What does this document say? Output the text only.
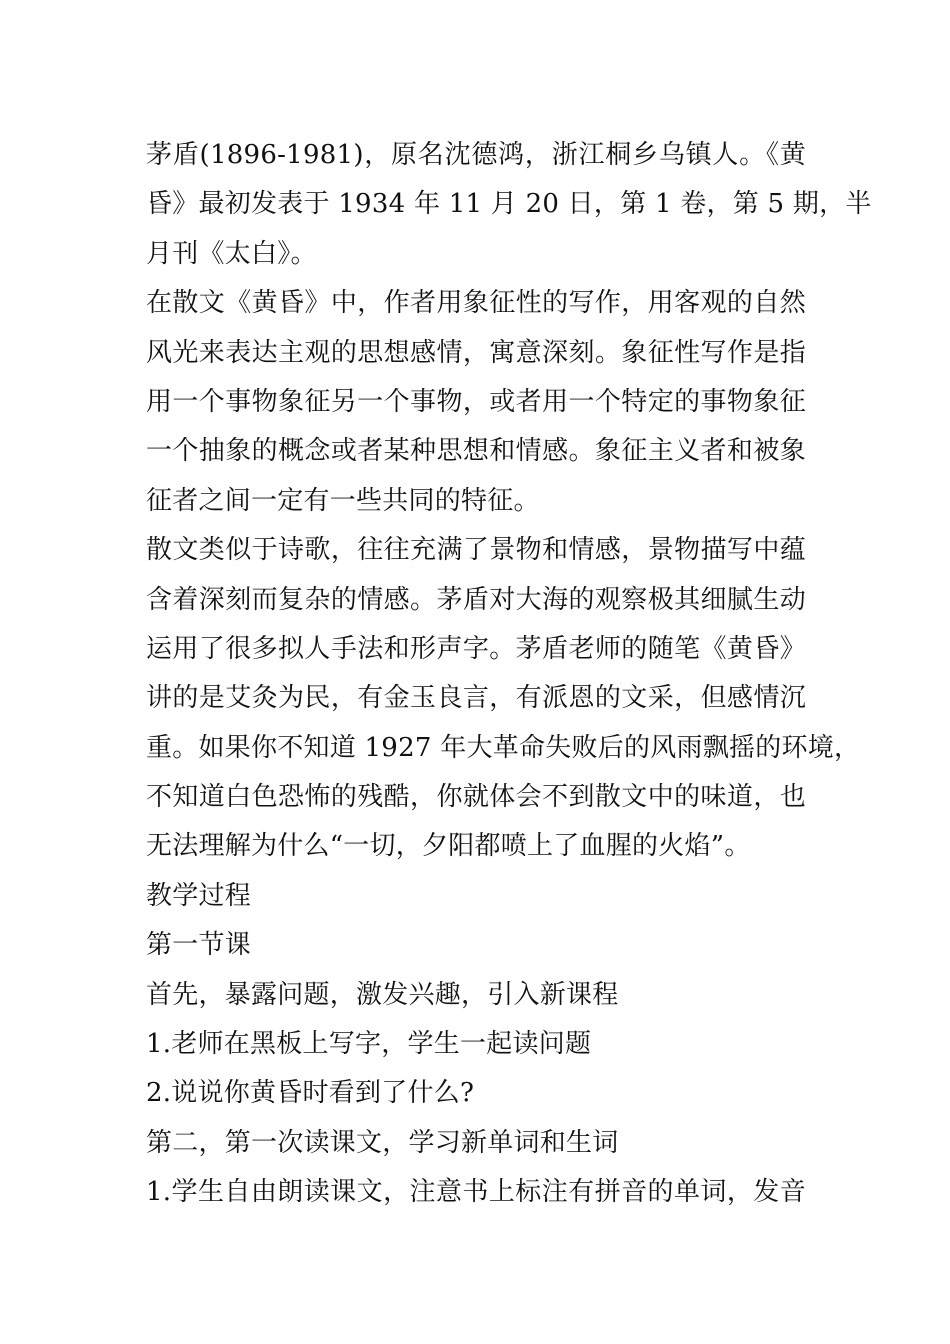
茅盾(1896-1981)，原名沈德鸿，浙江桐乡乌镇人。《黄
昏》最初发表于 1934 年 11 月 20 日，第 1 卷，第 5 期，半
月刊《太白》。
在散文《黄昏》中，作者用象征性的写作，用客观的自然
风光来表达主观的思想感情，寓意深刻。象征性写作是指
用一个事物象征另一个事物，或者用一个特定的事物象征
一个抽象的概念或者某种思想和情感。象征主义者和被象
征者之间一定有一些共同的特征。
散文类似于诗歌，往往充满了景物和情感，景物描写中蕴
含着深刻而复杂的情感。茅盾对大海的观察极其细腻生动
运用了很多拟人手法和形声字。茅盾老师的随笔《黄昏》
讲的是艾灸为民，有金玉良言，有派恩的文采，但感情沉
重。如果你不知道 1927 年大革命失败后的风雨飘摇的环境，
不知道白色恐怖的残酷，你就体会不到散文中的味道，也
无法理解为什么“一切，夕阳都喷上了血腥的火焰”。
教学过程
第一节课
首先，暴露问题，激发兴趣，引入新课程
1.老师在黑板上写字，学生一起读问题
2.说说你黄昏时看到了什么?
第二，第一次读课文，学习新单词和生词
1.学生自由朗读课文，注意书上标注有拼音的单词，发音
